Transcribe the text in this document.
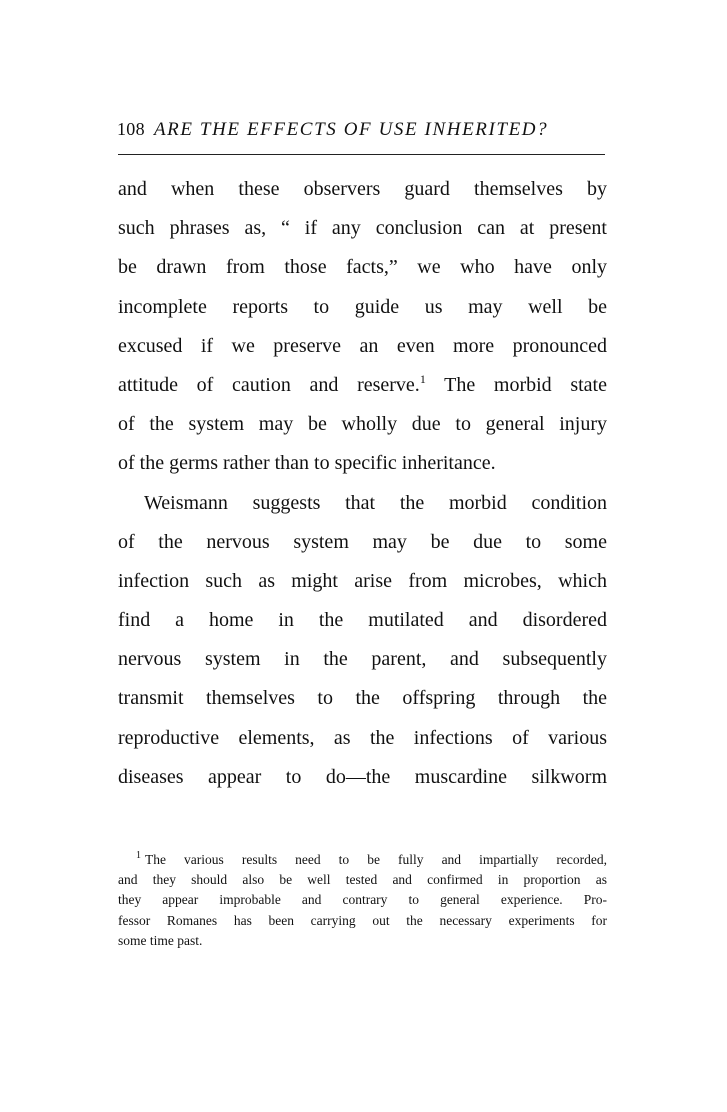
108 ARE THE EFFECTS OF USE INHERITED?
and when these observers guard themselves by
such phrases as, “ if any conclusion can at present
be drawn from those facts,” we who have only
incomplete reports to guide us may well be
excused if we preserve an even more pronounced
attitude of caution and reserve.$^1$ The morbid state
of the system may be wholly due to general injury
of the germs rather than to specific inheritance.
Weismann suggests that the morbid condition
of the nervous system may be due to some
infection such as might arise from microbes, which
find a home in the mutilated and disordered
nervous system in the parent, and subsequently
transmit themselves to the offspring through the
reproductive elements, as the infections of various
diseases appear to do—the muscardine silkworm
$^1$ The various results need to be fully and impartially recorded,
and they should also be well tested and confirmed in proportion as
they appear improbable and contrary to general experience. Pro-
fessor Romanes has been carrying out the necessary experiments for
some time past.
